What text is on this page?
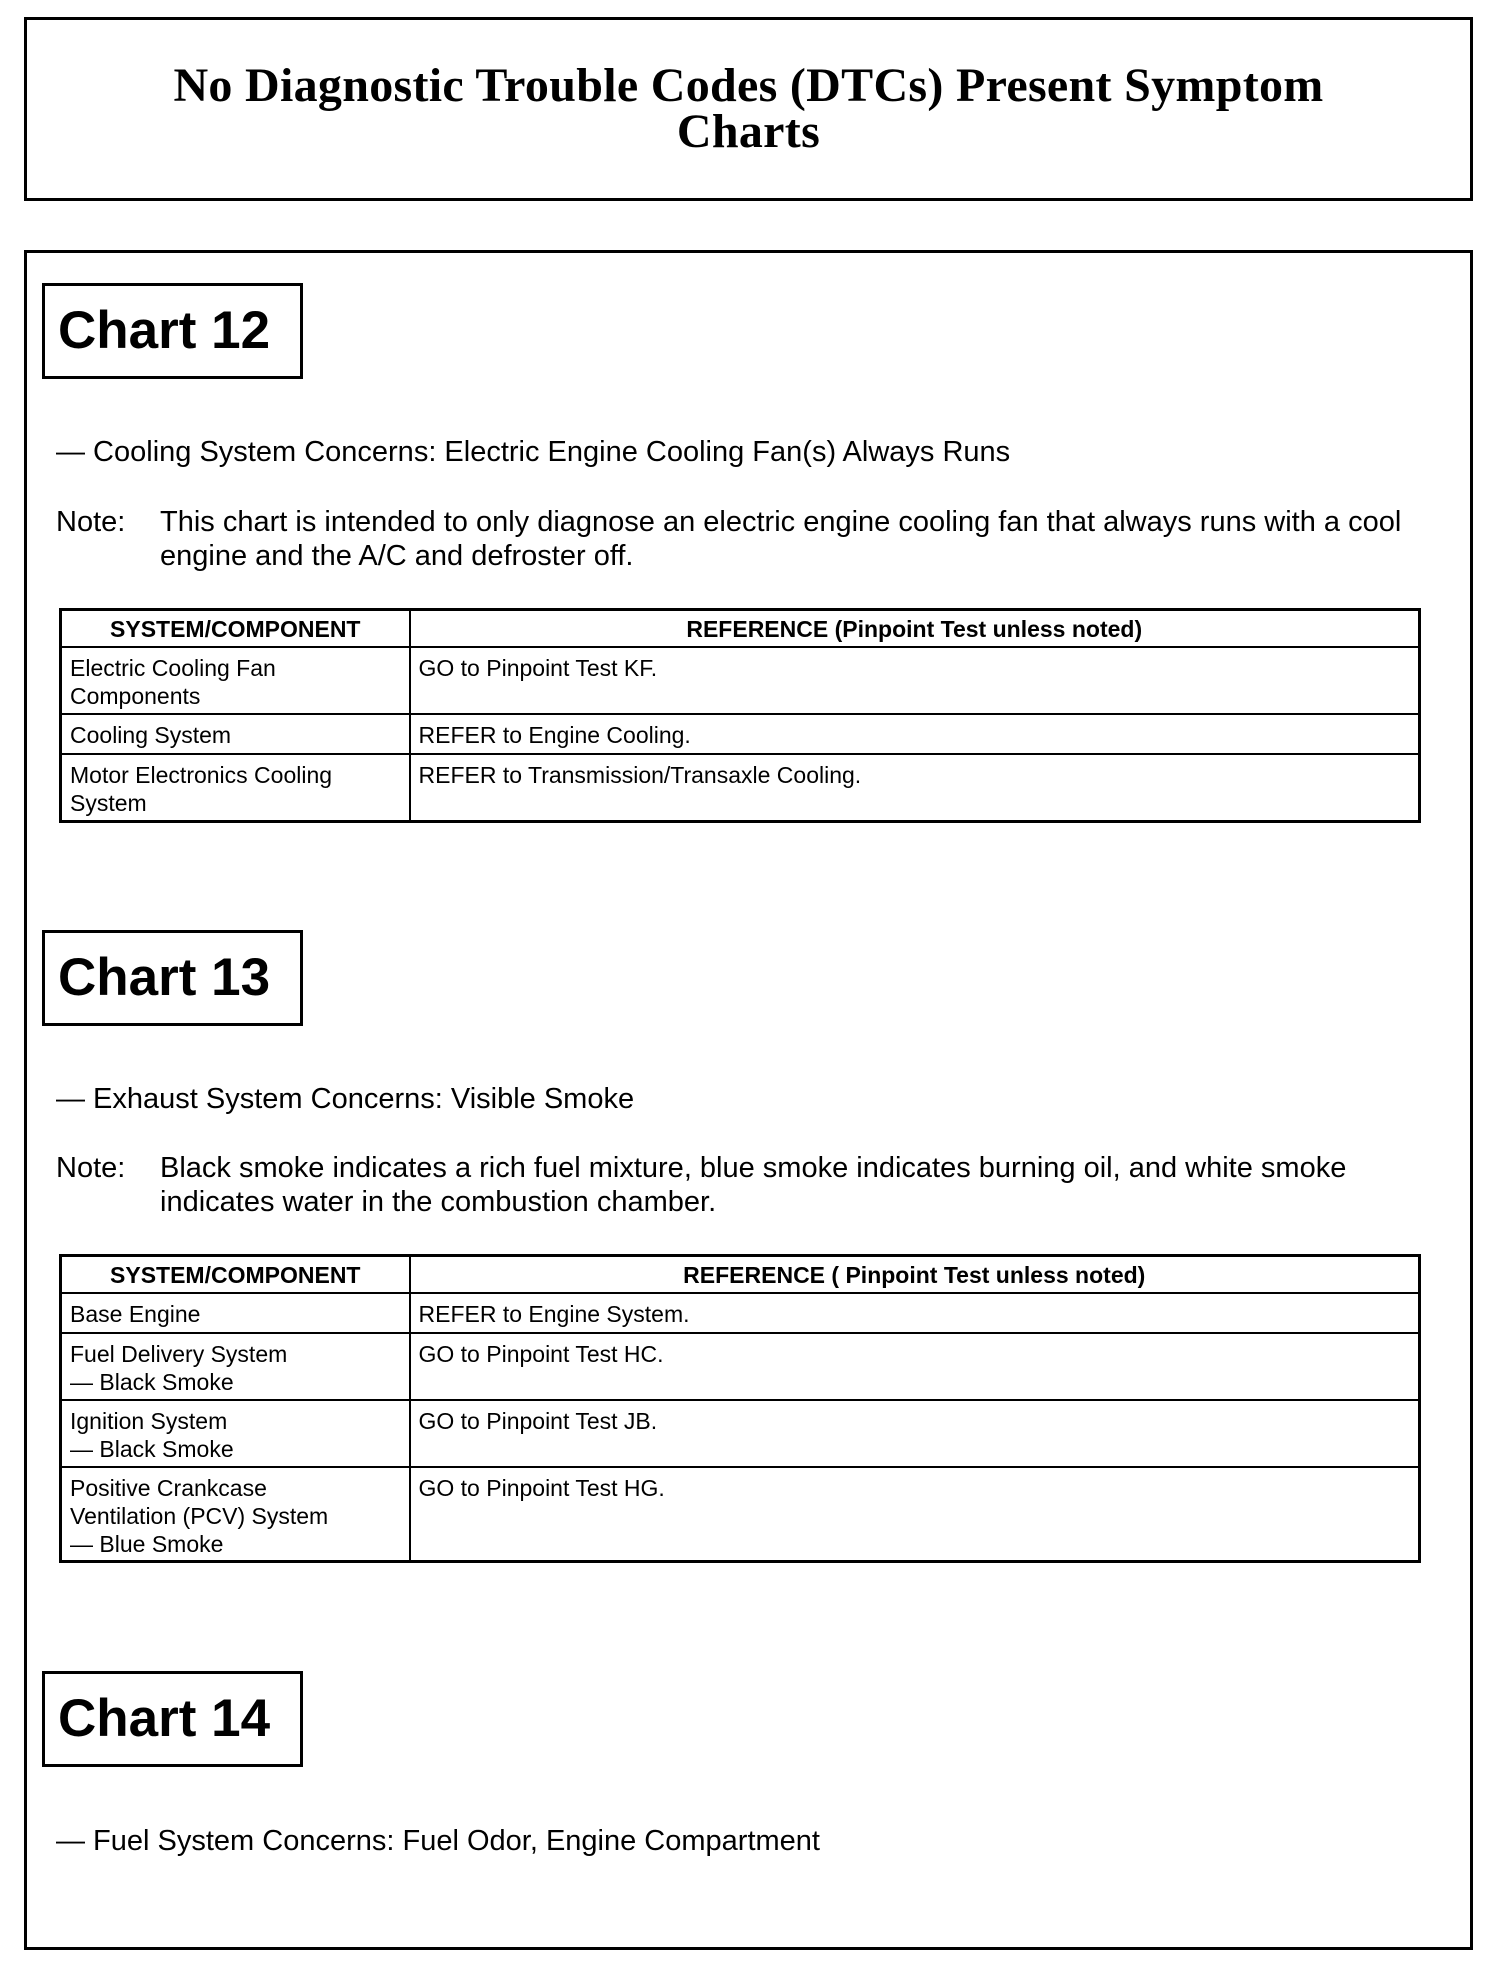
No Diagnostic Trouble Codes (DTCs) Present Symptom Charts
Chart 12
— Cooling System Concerns: Electric Engine Cooling Fan(s) Always Runs
Note: This chart is intended to only diagnose an electric engine cooling fan that always runs with a cool engine and the A/C and defroster off.
SYSTEM/COMPONENT	REFERENCE (Pinpoint Test unless noted)

Electric Cooling Fan
Components	GO to Pinpoint Test KF.

Cooling System	REFER to Engine Cooling.

Motor Electronics Cooling
System	REFER to Transmission/Transaxle Cooling.
Chart 13
— Exhaust System Concerns: Visible Smoke
Note: Black smoke indicates a rich fuel mixture, blue smoke indicates burning oil, and white smoke indicates water in the combustion chamber.
SYSTEM/COMPONENT	REFERENCE ( Pinpoint Test unless noted)

Base Engine	REFER to Engine System.

Fuel Delivery System
— Black Smoke	GO to Pinpoint Test HC.

Ignition System
— Black Smoke	GO to Pinpoint Test JB.

Positive Crankcase
Ventilation (PCV) System
— Blue Smoke	GO to Pinpoint Test HG.
Chart 14
— Fuel System Concerns: Fuel Odor, Engine Compartment
